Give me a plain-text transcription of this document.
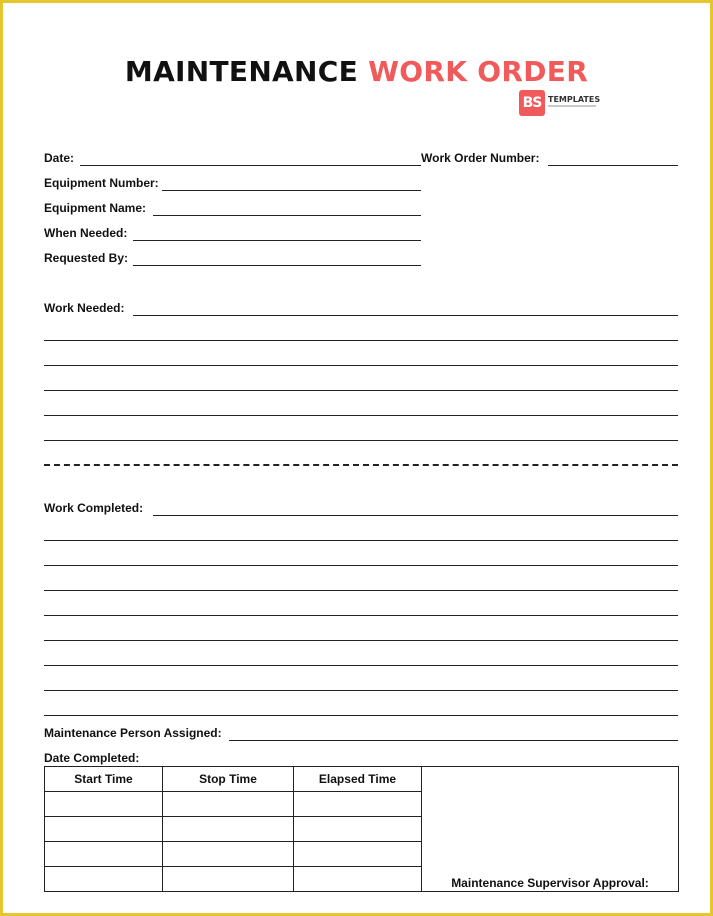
MAINTENANCE WORK ORDER
BS TEMPLATES
Date:	Work Order Number:
Equipment Number:
Equipment Name:
When Needed:
Requested By:
Work Needed:
Work Completed:
Maintenance Person Assigned:
Date Completed:
Start Time	Stop Time	Elapsed Time	Maintenance Supervisor Approval:
